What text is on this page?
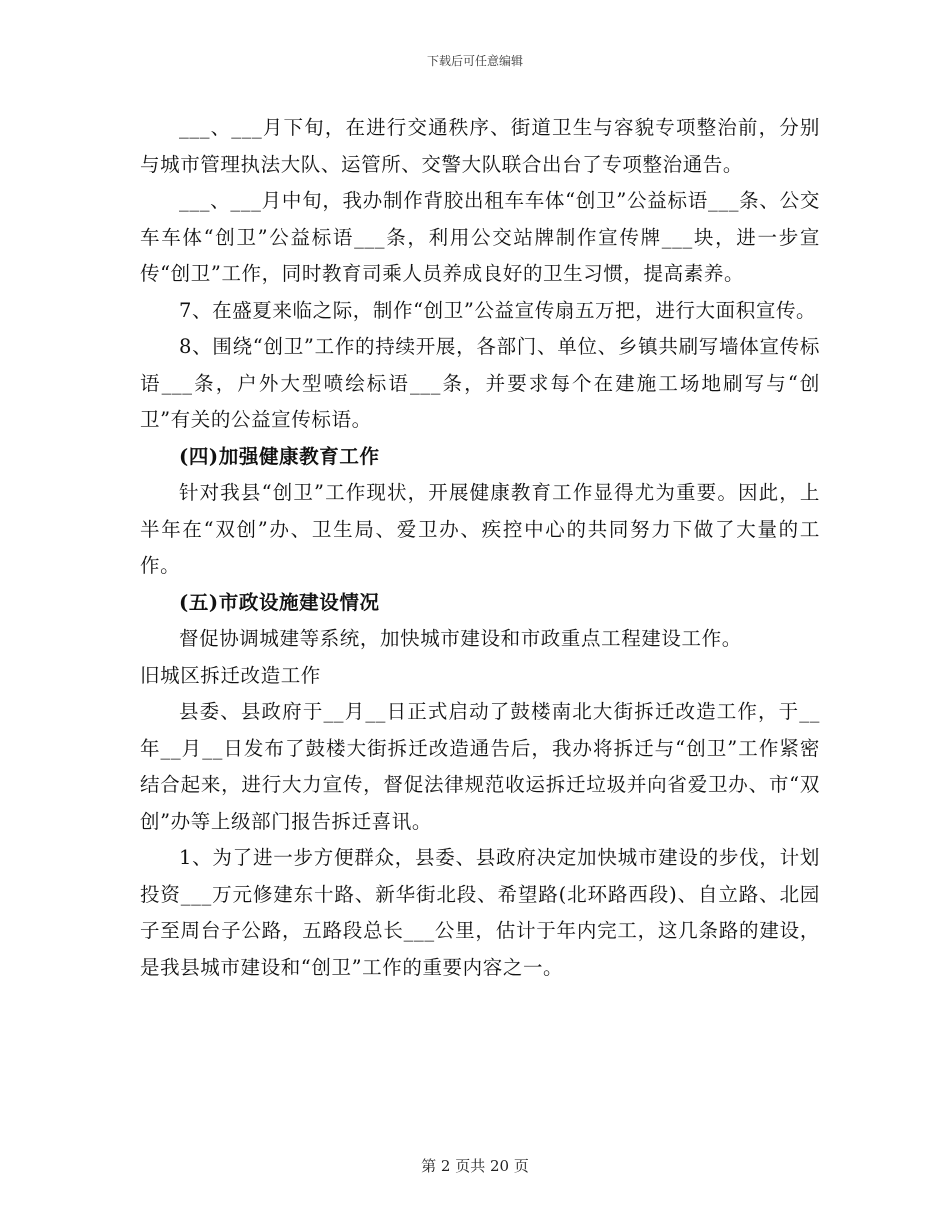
下载后可任意编辑

___、___月下旬，在进行交通秩序、街道卫生与容貌专项整治前，分别与城市管理执法大队、运管所、交警大队联合出台了专项整治通告。

___、___月中旬，我办制作背胶出租车车体“创卫”公益标语___条、公交车车体“创卫”公益标语___条，利用公交站牌制作宣传牌___块，进一步宣传“创卫”工作，同时教育司乘人员养成良好的卫生习惯，提高素养。

7、在盛夏来临之际，制作“创卫”公益宣传扇五万把，进行大面积宣传。

8、围绕“创卫”工作的持续开展，各部门、单位、乡镇共刷写墙体宣传标语___条，户外大型喷绘标语___条，并要求每个在建施工场地刷写与“创卫”有关的公益宣传标语。

(四)加强健康教育工作

针对我县“创卫”工作现状，开展健康教育工作显得尤为重要。因此，上半年在“双创”办、卫生局、爱卫办、疾控中心的共同努力下做了大量的工作。

(五)市政设施建设情况

督促协调城建等系统，加快城市建设和市政重点工程建设工作。

旧城区拆迁改造工作

县委、县政府于__月__日正式启动了鼓楼南北大街拆迁改造工作，于__年__月__日发布了鼓楼大街拆迁改造通告后，我办将拆迁与“创卫”工作紧密结合起来，进行大力宣传，督促法律规范收运拆迁垃圾并向省爱卫办、市“双创”办等上级部门报告拆迁喜讯。

1、为了进一步方便群众，县委、县政府决定加快城市建设的步伐，计划投资___万元修建东十路、新华街北段、希望路(北环路西段)、自立路、北园子至周台子公路，五路段总长___公里，估计于年内完工，这几条路的建设，是我县城市建设和“创卫”工作的重要内容之一。

第 2 页共 20 页
